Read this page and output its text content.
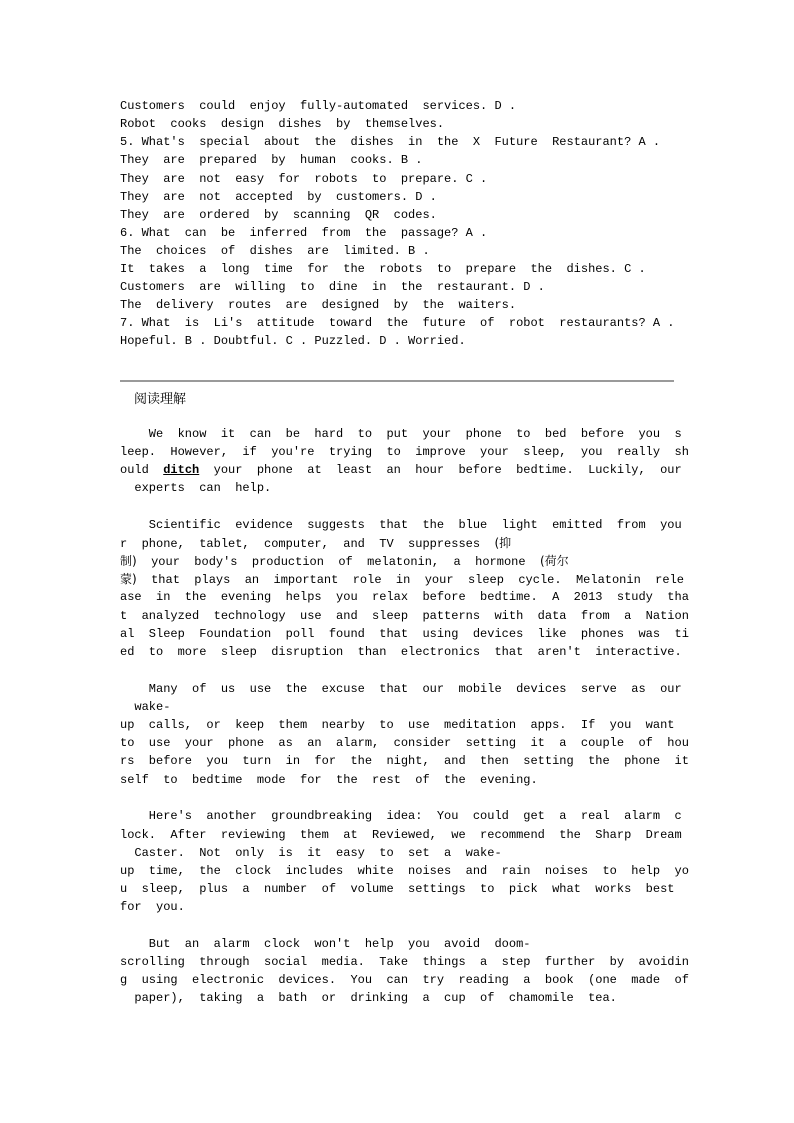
Customers  could  enjoy  fully-automated  services. D .
Robot  cooks  design  dishes  by  themselves.
5. What's  special  about  the  dishes  in  the  X  Future  Restaurant? A .
They  are  prepared  by  human  cooks. B .
They  are  not  easy  for  robots  to  prepare. C .
They  are  not  accepted  by  customers. D .
They  are  ordered  by  scanning  QR  codes.
6. What  can  be  inferred  from  the  passage? A .
The  choices  of  dishes  are  limited. B .
It  takes  a  long  time  for  the  robots  to  prepare  the  dishes. C .
Customers  are  willing  to  dine  in  the  restaurant. D .
The  delivery  routes  are  designed  by  the  waiters.
7. What  is  Li's  attitude  toward  the  future  of  robot  restaurants? A .
Hopeful. B . Doubtful. C . Puzzled. D . Worried.
阅读理解
We  know  it  can  be  hard  to  put  your  phone  to  bed  before  you  s
leep.  However,  if  you're  trying  to  improve  your  sleep,  you  really  sh
ould  ditch  your  phone  at  least  an  hour  before  bedtime.  Luckily,  our
experts  can  help.
Scientific  evidence  suggests  that  the  blue  light  emitted  from  you
r  phone,  tablet,  computer,  and  TV  suppresses  (抑
制)  your  body's  production  of  melatonin,  a  hormone  (荷尔
蒙)  that  plays  an  important  role  in  your  sleep  cycle.  Melatonin  rele
ase  in  the  evening  helps  you  relax  before  bedtime.  A  2013  study  tha
t  analyzed  technology  use  and  sleep  patterns  with  data  from  a  Nation
al  Sleep  Foundation  poll  found  that  using  devices  like  phones  was  ti
ed  to  more  sleep  disruption  than  electronics  that  aren't  interactive.
Many  of  us  use  the  excuse  that  our  mobile  devices  serve  as  our
wake-
up  calls,  or  keep  them  nearby  to  use  meditation  apps.  If  you  want
to  use  your  phone  as  an  alarm,  consider  setting  it  a  couple  of  hou
rs  before  you  turn  in  for  the  night,  and  then  setting  the  phone  it
self  to  bedtime  mode  for  the  rest  of  the  evening.
Here's  another  groundbreaking  idea:  You  could  get  a  real  alarm  c
lock.  After  reviewing  them  at  Reviewed,  we  recommend  the  Sharp  Dream
Caster.  Not  only  is  it  easy  to  set  a  wake-
up  time,  the  clock  includes  white  noises  and  rain  noises  to  help  yo
u  sleep,  plus  a  number  of  volume  settings  to  pick  what  works  best
for  you.
But  an  alarm  clock  won't  help  you  avoid  doom-
scrolling  through  social  media.  Take  things  a  step  further  by  avoidin
g  using  electronic  devices.  You  can  try  reading  a  book  (one  made  of
paper),  taking  a  bath  or  drinking  a  cup  of  chamomile  tea.
